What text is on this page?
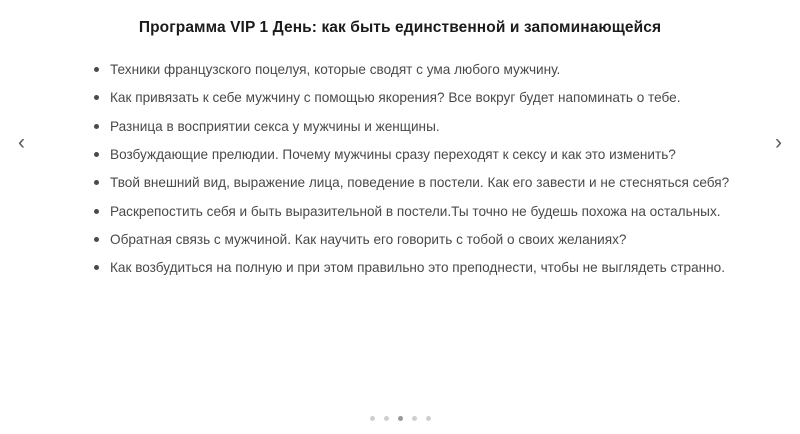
‹	›
Программа VIP 1 День: как быть единственной и запоминающейся
Техники французского поцелуя, которые сводят с ума любого мужчину.
Как привязать к себе мужчину с помощью якорения? Все вокруг будет напоминать о тебе.
Разница в восприятии секса у мужчины и женщины.
Возбуждающие прелюдии. Почему мужчины сразу переходят к сексу и как это изменить?
Твой внешний вид, выражение лица, поведение в постели. Как его завести и не стесняться себя?
Раскрепостить себя и быть выразительной в постели.Ты точно не будешь похожа на остальных.
Обратная связь с мужчиной. Как научить его говорить с тобой о своих желаниях?
Как возбудиться на полную и при этом правильно это преподнести, чтобы не выглядеть странно.
